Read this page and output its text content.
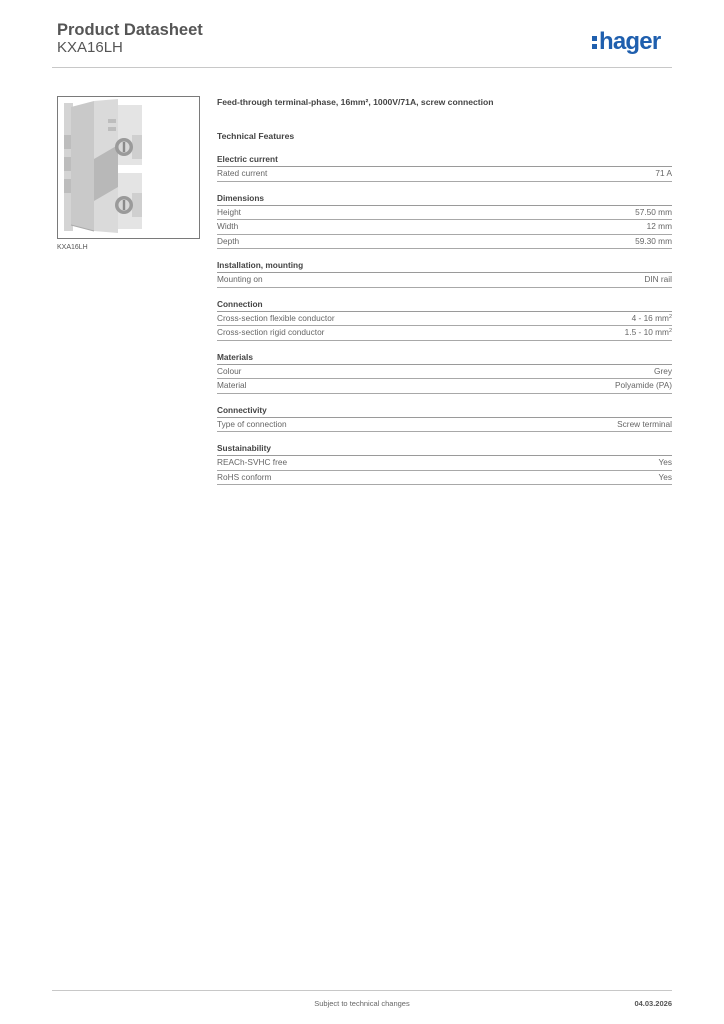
Product Datasheet
KXA16LH	hager
KXA16LH
Feed-through terminal-phase, 16mm², 1000V/71A, screw connection
Technical Features
Electric current
Rated current	71 A
Dimensions
Height	57.50 mm
Width	12 mm
Depth	59.30 mm
Installation, mounting
Mounting on	DIN rail
Connection
Cross-section flexible conductor	4 - 16 $mm^2$
Cross-section rigid conductor	1.5 - 10 $mm^2$
Materials
Colour	Grey
Material	Polyamide (PA)
Connectivity
Type of connection	Screw terminal
Sustainability
REACh-SVHC free	Yes
RoHS conform	Yes
Subject to technical changes	04.03.2026
